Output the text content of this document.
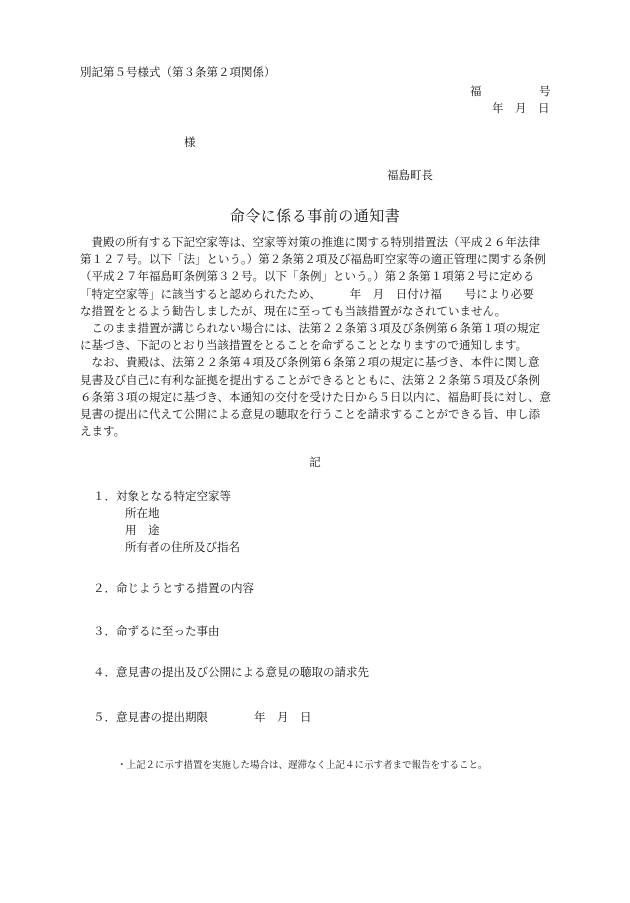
別記第５号様式（第３条第２項関係）
福　　　　　号
年　月　日
様
福島町長
命令に係る事前の通知書

　貴殿の所有する下記空家等は、空家等対策の推進に関する特別措置法（平成２６年法律
第１２７号。以下「法」という。）第２条第２項及び福島町空家等の適正管理に関する条例
（平成２７年福島町条例第３２号。以下「条例」という。）第２条第１項第２号に定める
「特定空家等」に該当すると認められたため、　　　年　月　日付け福　　号により必要
な措置をとるよう勧告しましたが、現在に至っても当該措置がなされていません。
　このまま措置が講じられない場合には、法第２２条第３項及び条例第６条第１項の規定
に基づき、下記のとおり当該措置をとることを命ずることとなりますので通知します。
　なお、貴殿は、法第２２条第４項及び条例第６条第２項の規定に基づき、本件に関し意
見書及び自己に有利な証拠を提出することができるとともに、法第２２条第５項及び条例
６条第３項の規定に基づき、本通知の交付を受けた日から５日以内に、福島町長に対し、意
見書の提出に代えて公開による意見の聴取を行うことを請求することができる旨、申し添
えます。

記
１．対象となる特定空家等
所在地
用　途
所有者の住所及び指名
２．命じようとする措置の内容
３．命ずるに至った事由
４．意見書の提出及び公開による意見の聴取の請求先
５．意見書の提出期限　　　　年　月　日
・上記２に示す措置を実施した場合は、遅滞なく上記４に示す者まで報告をすること。
